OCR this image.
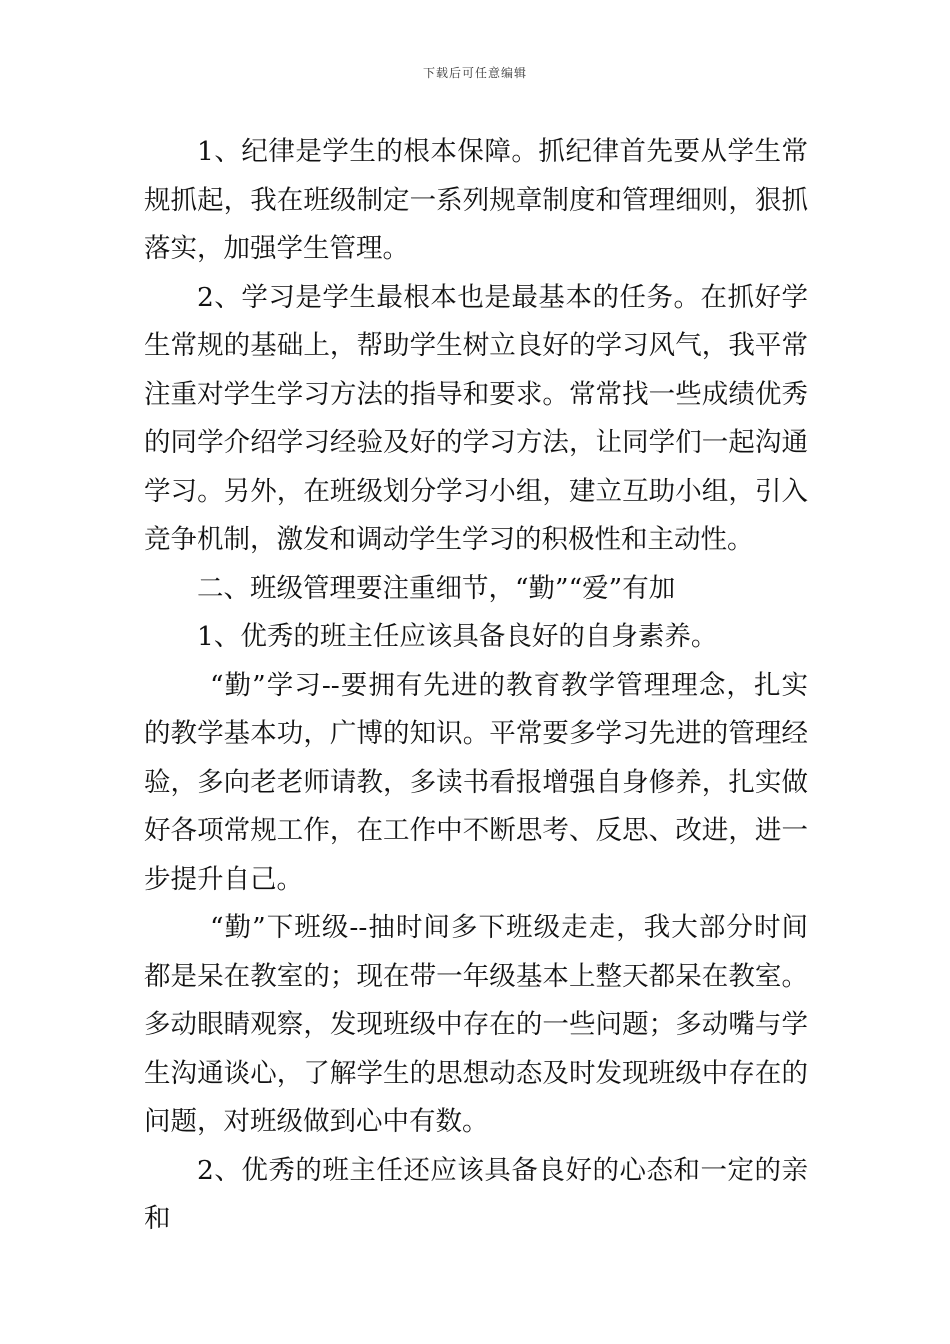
下载后可任意编辑

1、纪律是学生的根本保障。抓纪律首先要从学生常规抓起，我在班级制定一系列规章制度和管理细则，狠抓落实，加强学生管理。

2、学习是学生最根本也是最基本的任务。在抓好学生常规的基础上，帮助学生树立良好的学习风气，我平常注重对学生学习方法的指导和要求。常常找一些成绩优秀的同学介绍学习经验及好的学习方法，让同学们一起沟通学习。另外，在班级划分学习小组，建立互助小组，引入竞争机制，激发和调动学生学习的积极性和主动性。

二、班级管理要注重细节，“勤”“爱”有加

1、优秀的班主任应该具备良好的自身素养。

“勤”学习--要拥有先进的教育教学管理理念，扎实的教学基本功，广博的知识。平常要多学习先进的管理经验，多向老老师请教，多读书看报增强自身修养，扎实做好各项常规工作，在工作中不断思考、反思、改进，进一步提升自己。

“勤”下班级--抽时间多下班级走走，我大部分时间都是呆在教室的；现在带一年级基本上整天都呆在教室。多动眼睛观察，发现班级中存在的一些问题；多动嘴与学生沟通谈心，了解学生的思想动态及时发现班级中存在的问题，对班级做到心中有数。

2、优秀的班主任还应该具备良好的心态和一定的亲和
